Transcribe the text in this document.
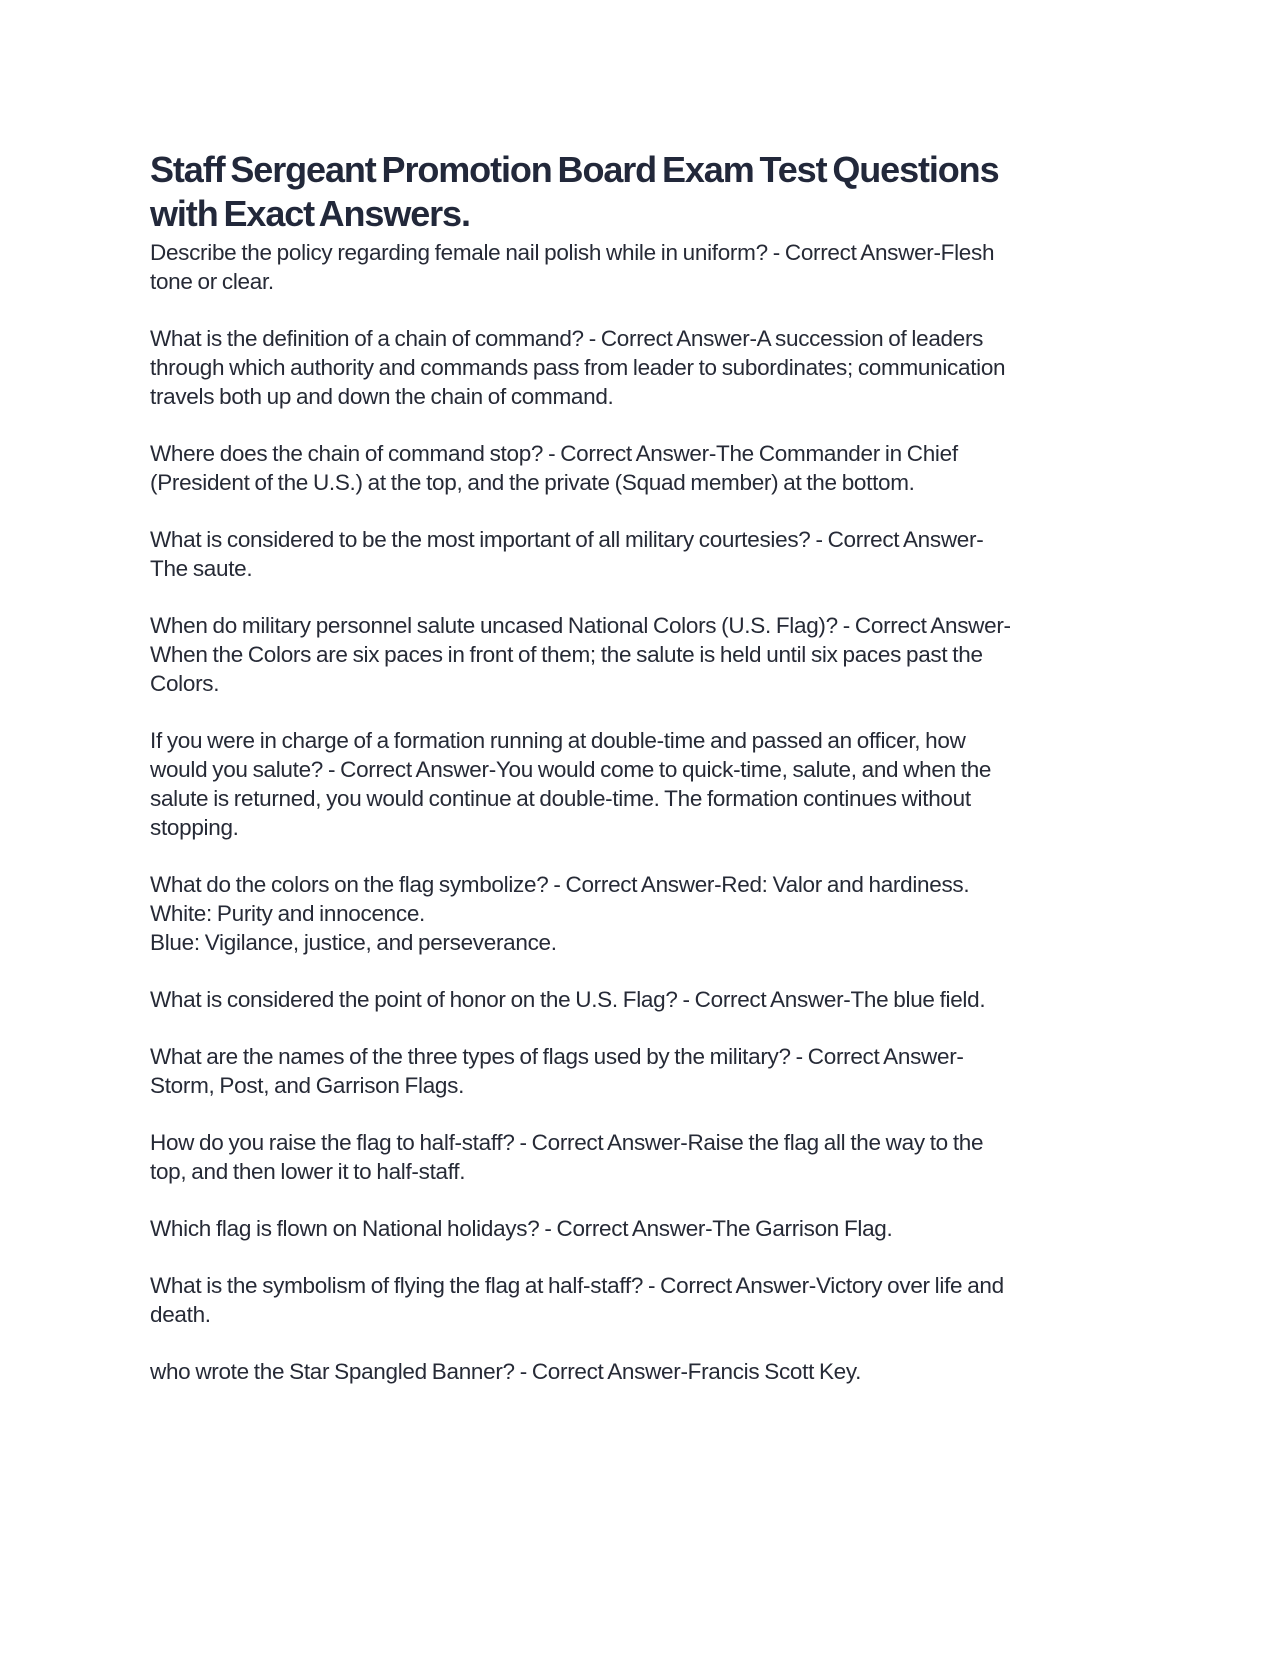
Staff Sergeant Promotion Board Exam Test Questions
with Exact Answers.

Describe the policy regarding female nail polish while in uniform? - Correct Answer-Flesh
tone or clear.

What is the definition of a chain of command? - Correct Answer-A succession of leaders
through which authority and commands pass from leader to subordinates; communication
travels both up and down the chain of command.

Where does the chain of command stop? - Correct Answer-The Commander in Chief
(President of the U.S.) at the top, and the private (Squad member) at the bottom.

What is considered to be the most important of all military courtesies? - Correct Answer-
The saute.

When do military personnel salute uncased National Colors (U.S. Flag)? - Correct Answer-
When the Colors are six paces in front of them; the salute is held until six paces past the
Colors.

If you were in charge of a formation running at double-time and passed an officer, how
would you salute? - Correct Answer-You would come to quick-time, salute, and when the
salute is returned, you would continue at double-time. The formation continues without
stopping.

What do the colors on the flag symbolize? - Correct Answer-Red: Valor and hardiness.
White: Purity and innocence.
Blue: Vigilance, justice, and perseverance.

What is considered the point of honor on the U.S. Flag? - Correct Answer-The blue field.

What are the names of the three types of flags used by the military? - Correct Answer-
Storm, Post, and Garrison Flags.

How do you raise the flag to half-staff? - Correct Answer-Raise the flag all the way to the
top, and then lower it to half-staff.

Which flag is flown on National holidays? - Correct Answer-The Garrison Flag.

What is the symbolism of flying the flag at half-staff? - Correct Answer-Victory over life and
death.

who wrote the Star Spangled Banner? - Correct Answer-Francis Scott Key.
